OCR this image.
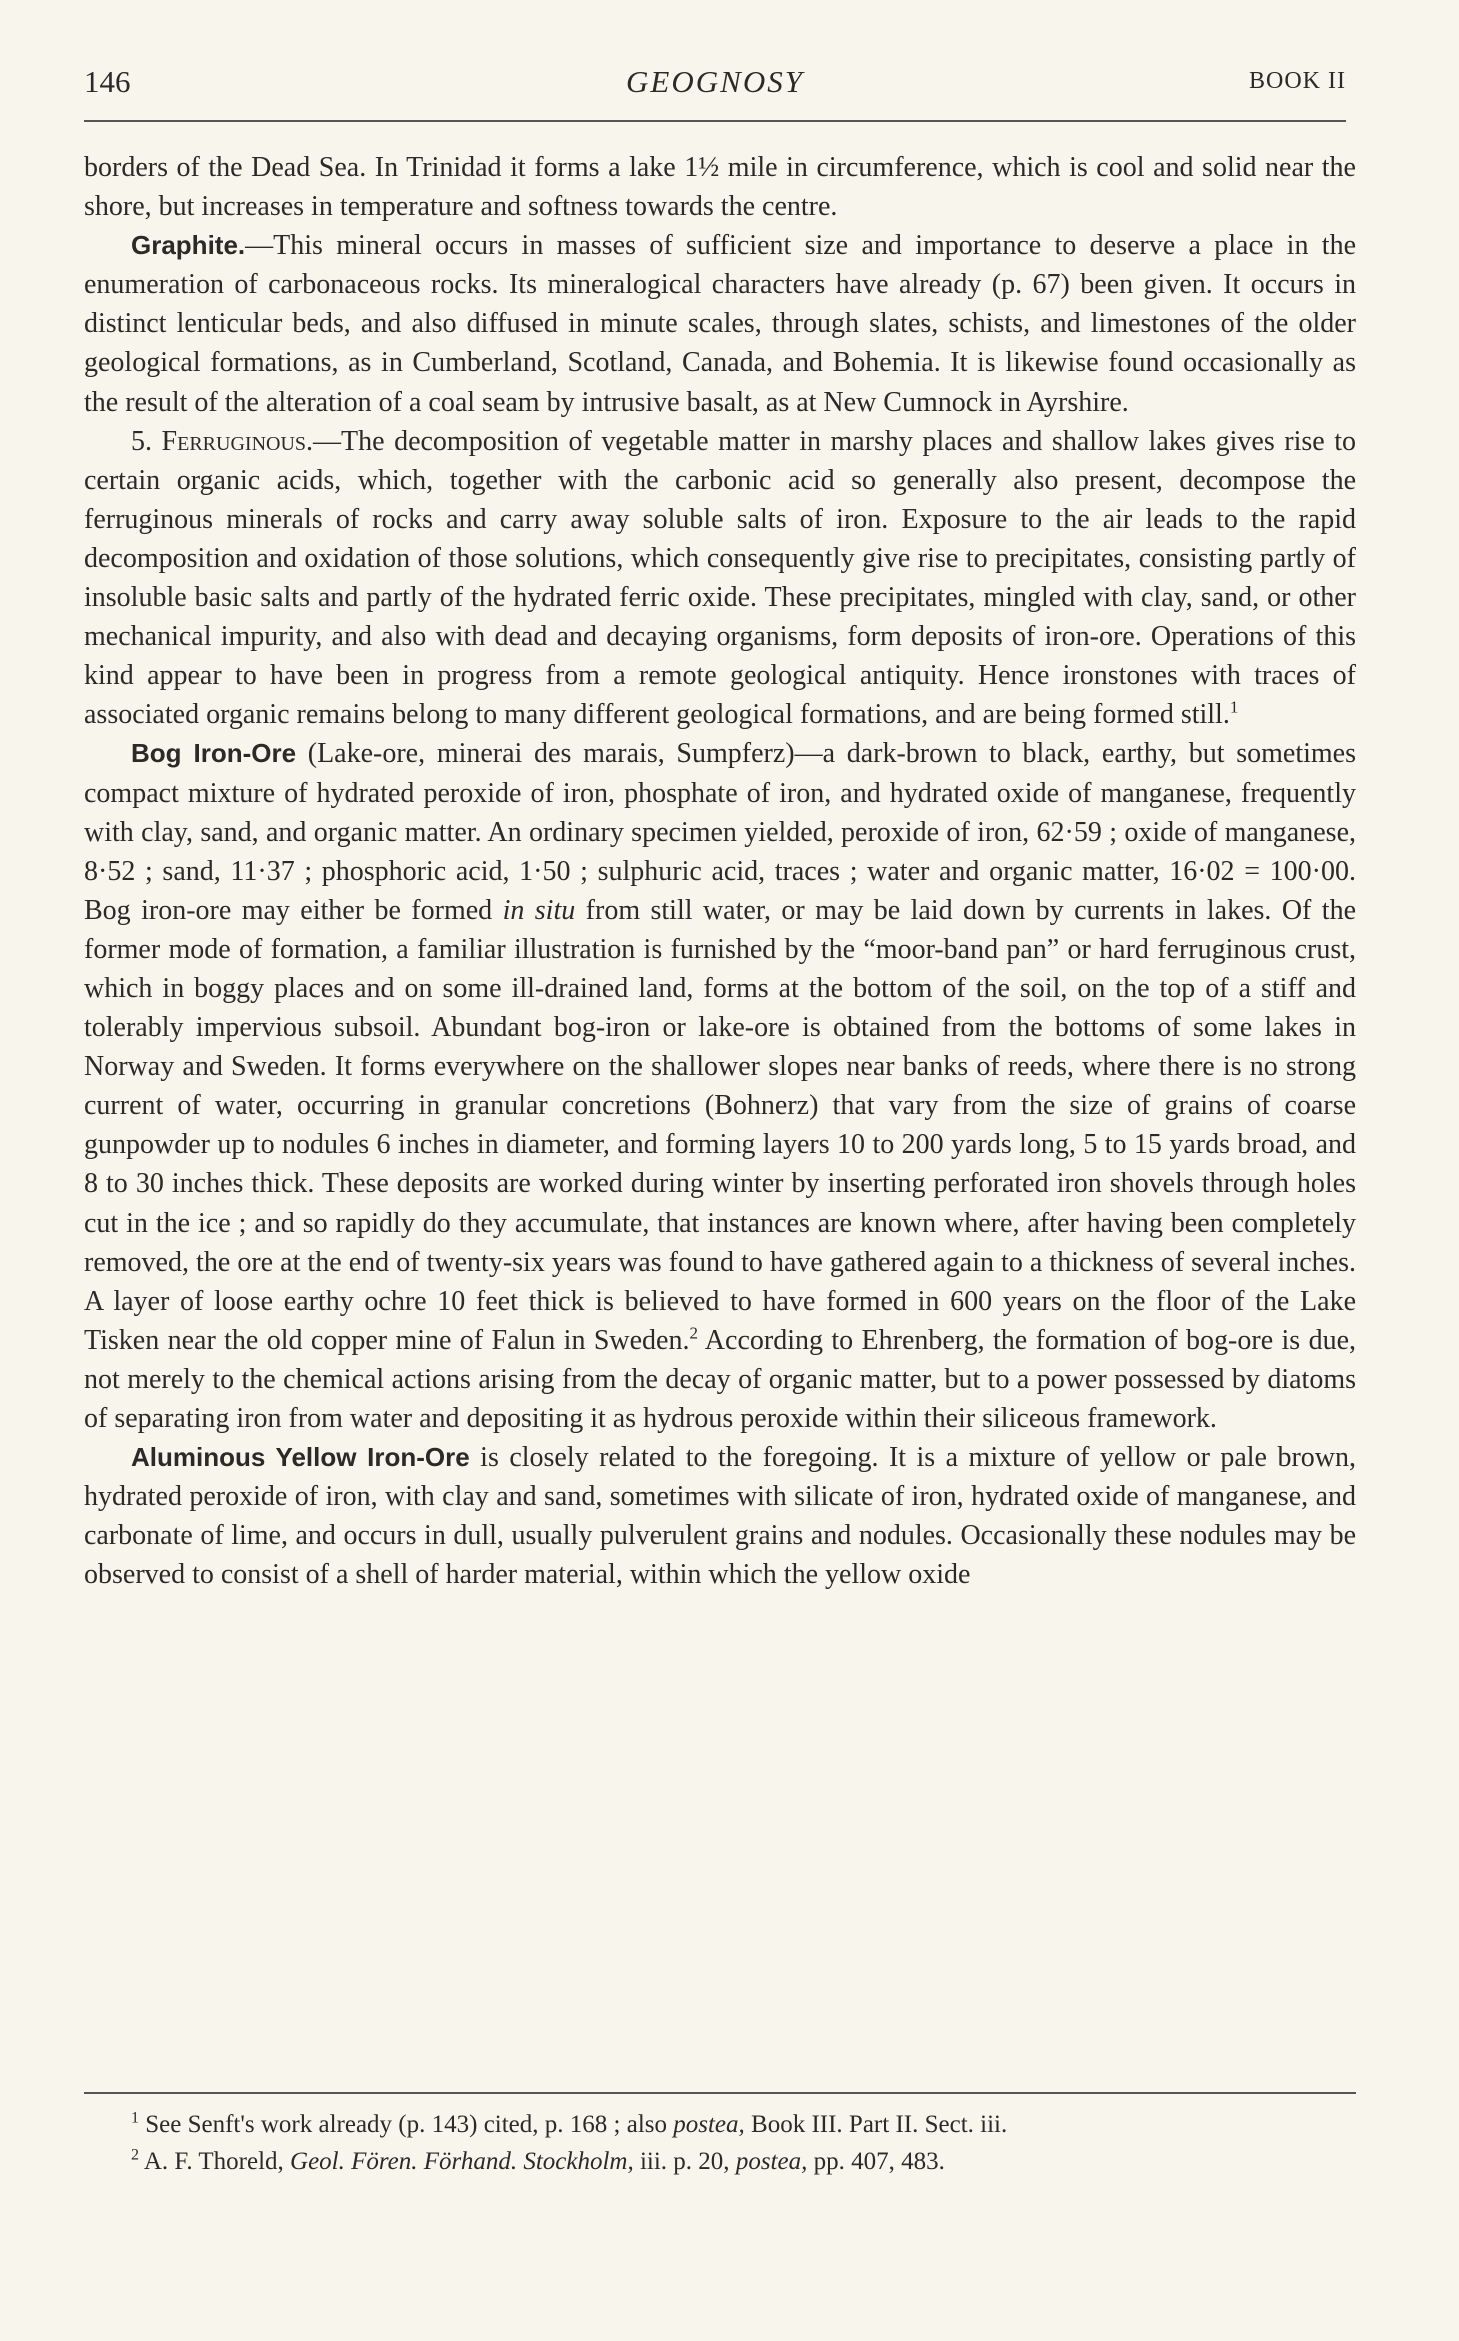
146	GEOGNOSY	BOOK II

borders of the Dead Sea. In Trinidad it forms a lake 1½ mile in circumference, which is cool and solid near the shore, but increases in temperature and softness towards the centre.

Graphite.—This mineral occurs in masses of sufficient size and importance to deserve a place in the enumeration of carbonaceous rocks. Its mineralogical characters have already (p. 67) been given. It occurs in distinct lenticular beds, and also diffused in minute scales, through slates, schists, and limestones of the older geological formations, as in Cumberland, Scotland, Canada, and Bohemia. It is likewise found occasionally as the result of the alteration of a coal seam by intrusive basalt, as at New Cumnock in Ayrshire.

5. Ferruginous.—The decomposition of vegetable matter in marshy places and shallow lakes gives rise to certain organic acids, which, together with the carbonic acid so generally also present, decompose the ferruginous minerals of rocks and carry away soluble salts of iron. Exposure to the air leads to the rapid decomposition and oxidation of those solutions, which consequently give rise to precipitates, consisting partly of insoluble basic salts and partly of the hydrated ferric oxide. These precipitates, mingled with clay, sand, or other mechanical impurity, and also with dead and decaying organisms, form deposits of iron-ore. Operations of this kind appear to have been in progress from a remote geological antiquity. Hence ironstones with traces of associated organic remains belong to many different geological formations, and are being formed still.$^1$

Bog Iron-Ore (Lake-ore, minerai des marais, Sumpferz)—a dark-brown to black, earthy, but sometimes compact mixture of hydrated peroxide of iron, phosphate of iron, and hydrated oxide of manganese, frequently with clay, sand, and organic matter. An ordinary specimen yielded, peroxide of iron, 62·59 ; oxide of manganese, 8·52 ; sand, 11·37 ; phosphoric acid, 1·50 ; sulphuric acid, traces ; water and organic matter, 16·02 = 100·00. Bog iron-ore may either be formed in situ from still water, or may be laid down by currents in lakes. Of the former mode of formation, a familiar illustration is furnished by the “moor-band pan” or hard ferruginous crust, which in boggy places and on some ill-drained land, forms at the bottom of the soil, on the top of a stiff and tolerably impervious subsoil. Abundant bog-iron or lake-ore is obtained from the bottoms of some lakes in Norway and Sweden. It forms everywhere on the shallower slopes near banks of reeds, where there is no strong current of water, occurring in granular concretions (Bohnerz) that vary from the size of grains of coarse gunpowder up to nodules 6 inches in diameter, and forming layers 10 to 200 yards long, 5 to 15 yards broad, and 8 to 30 inches thick. These deposits are worked during winter by inserting perforated iron shovels through holes cut in the ice ; and so rapidly do they accumulate, that instances are known where, after having been completely removed, the ore at the end of twenty-six years was found to have gathered again to a thickness of several inches. A layer of loose earthy ochre 10 feet thick is believed to have formed in 600 years on the floor of the Lake Tisken near the old copper mine of Falun in Sweden.$^2$ According to Ehrenberg, the formation of bog-ore is due, not merely to the chemical actions arising from the decay of organic matter, but to a power possessed by diatoms of separating iron from water and depositing it as hydrous peroxide within their siliceous framework.

Aluminous Yellow Iron-Ore is closely related to the foregoing. It is a mixture of yellow or pale brown, hydrated peroxide of iron, with clay and sand, sometimes with silicate of iron, hydrated oxide of manganese, and carbonate of lime, and occurs in dull, usually pulverulent grains and nodules. Occasionally these nodules may be observed to consist of a shell of harder material, within which the yellow oxide

$^1$ See Senft's work already (p. 143) cited, p. 168 ; also postea, Book III. Part II. Sect. iii.

$^2$ A. F. Thoreld, Geol. Fören. Förhand. Stockholm, iii. p. 20, postea, pp. 407, 483.
